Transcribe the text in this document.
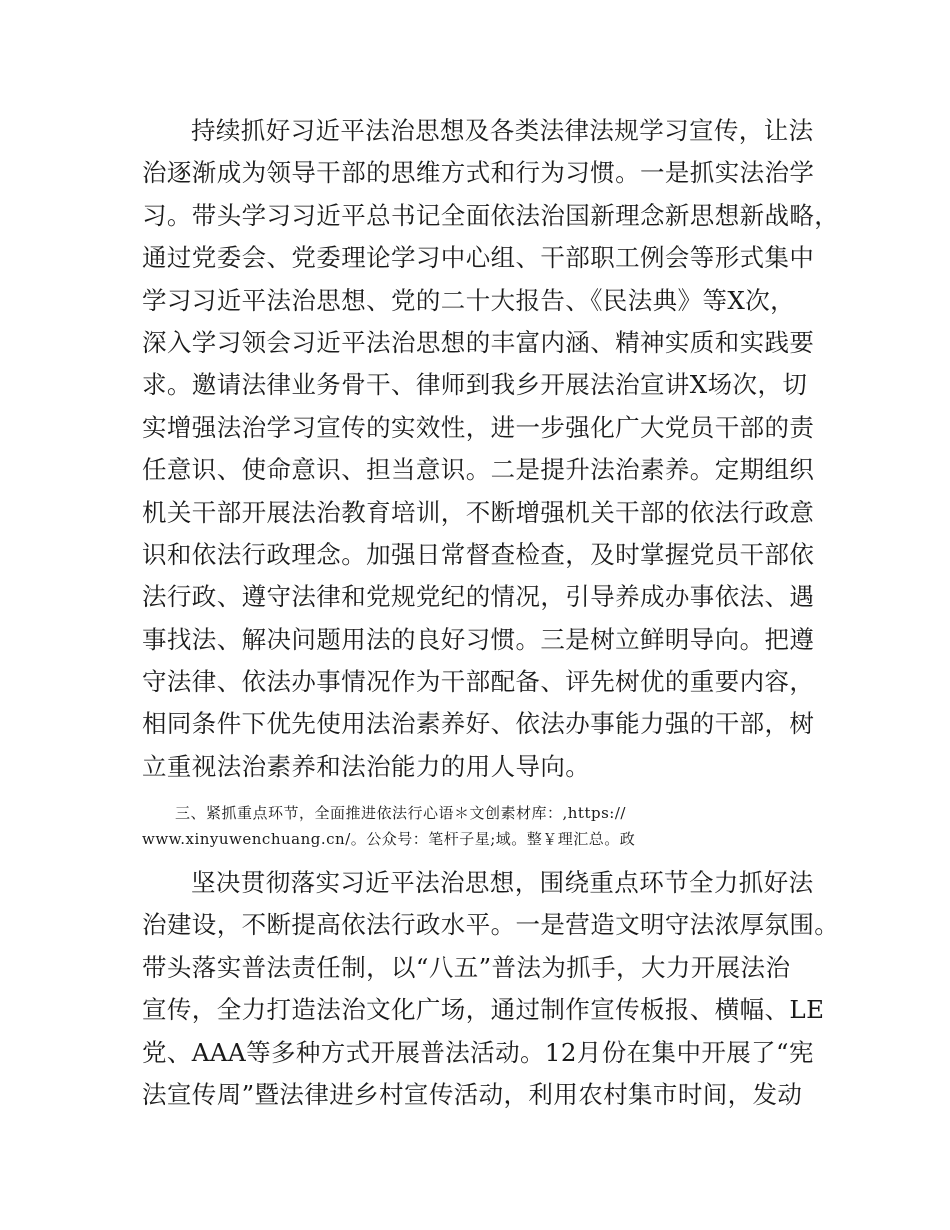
持续抓好习近平法治思想及各类法律法规学习宣传，让法
治逐渐成为领导干部的思维方式和行为习惯。一是抓实法治学
习。带头学习习近平总书记全面依法治国新理念新思想新战略，
通过党委会、党委理论学习中心组、干部职工例会等形式集中
学习习近平法治思想、党的二十大报告、《民法典》等X次，
深入学习领会习近平法治思想的丰富内涵、精神实质和实践要
求。邀请法律业务骨干、律师到我乡开展法治宣讲X场次，切
实增强法治学习宣传的实效性，进一步强化广大党员干部的责
任意识、使命意识、担当意识。二是提升法治素养。定期组织
机关干部开展法治教育培训，不断增强机关干部的依法行政意
识和依法行政理念。加强日常督查检查，及时掌握党员干部依
法行政、遵守法律和党规党纪的情况，引导养成办事依法、遇
事找法、解决问题用法的良好习惯。三是树立鲜明导向。把遵
守法律、依法办事情况作为干部配备、评先树优的重要内容，
相同条件下优先使用法治素养好、依法办事能力强的干部，树
立重视法治素养和法治能力的用人导向。
三、紧抓重点环节，全面推进依法行心语＊文创素材库：,https://
www.xinyuwenchuang.cn/。公众号：笔杆子星;域。整￥理汇总。政
坚决贯彻落实习近平法治思想，围绕重点环节全力抓好法
治建设，不断提高依法行政水平。一是营造文明守法浓厚氛围。
带头落实普法责任制，以“八五”普法为抓手，大力开展法治
宣传，全力打造法治文化广场，通过制作宣传板报、横幅、LE
党、AAA等多种方式开展普法活动。12月份在集中开展了“宪
法宣传周”暨法律进乡村宣传活动，利用农村集市时间，发动
